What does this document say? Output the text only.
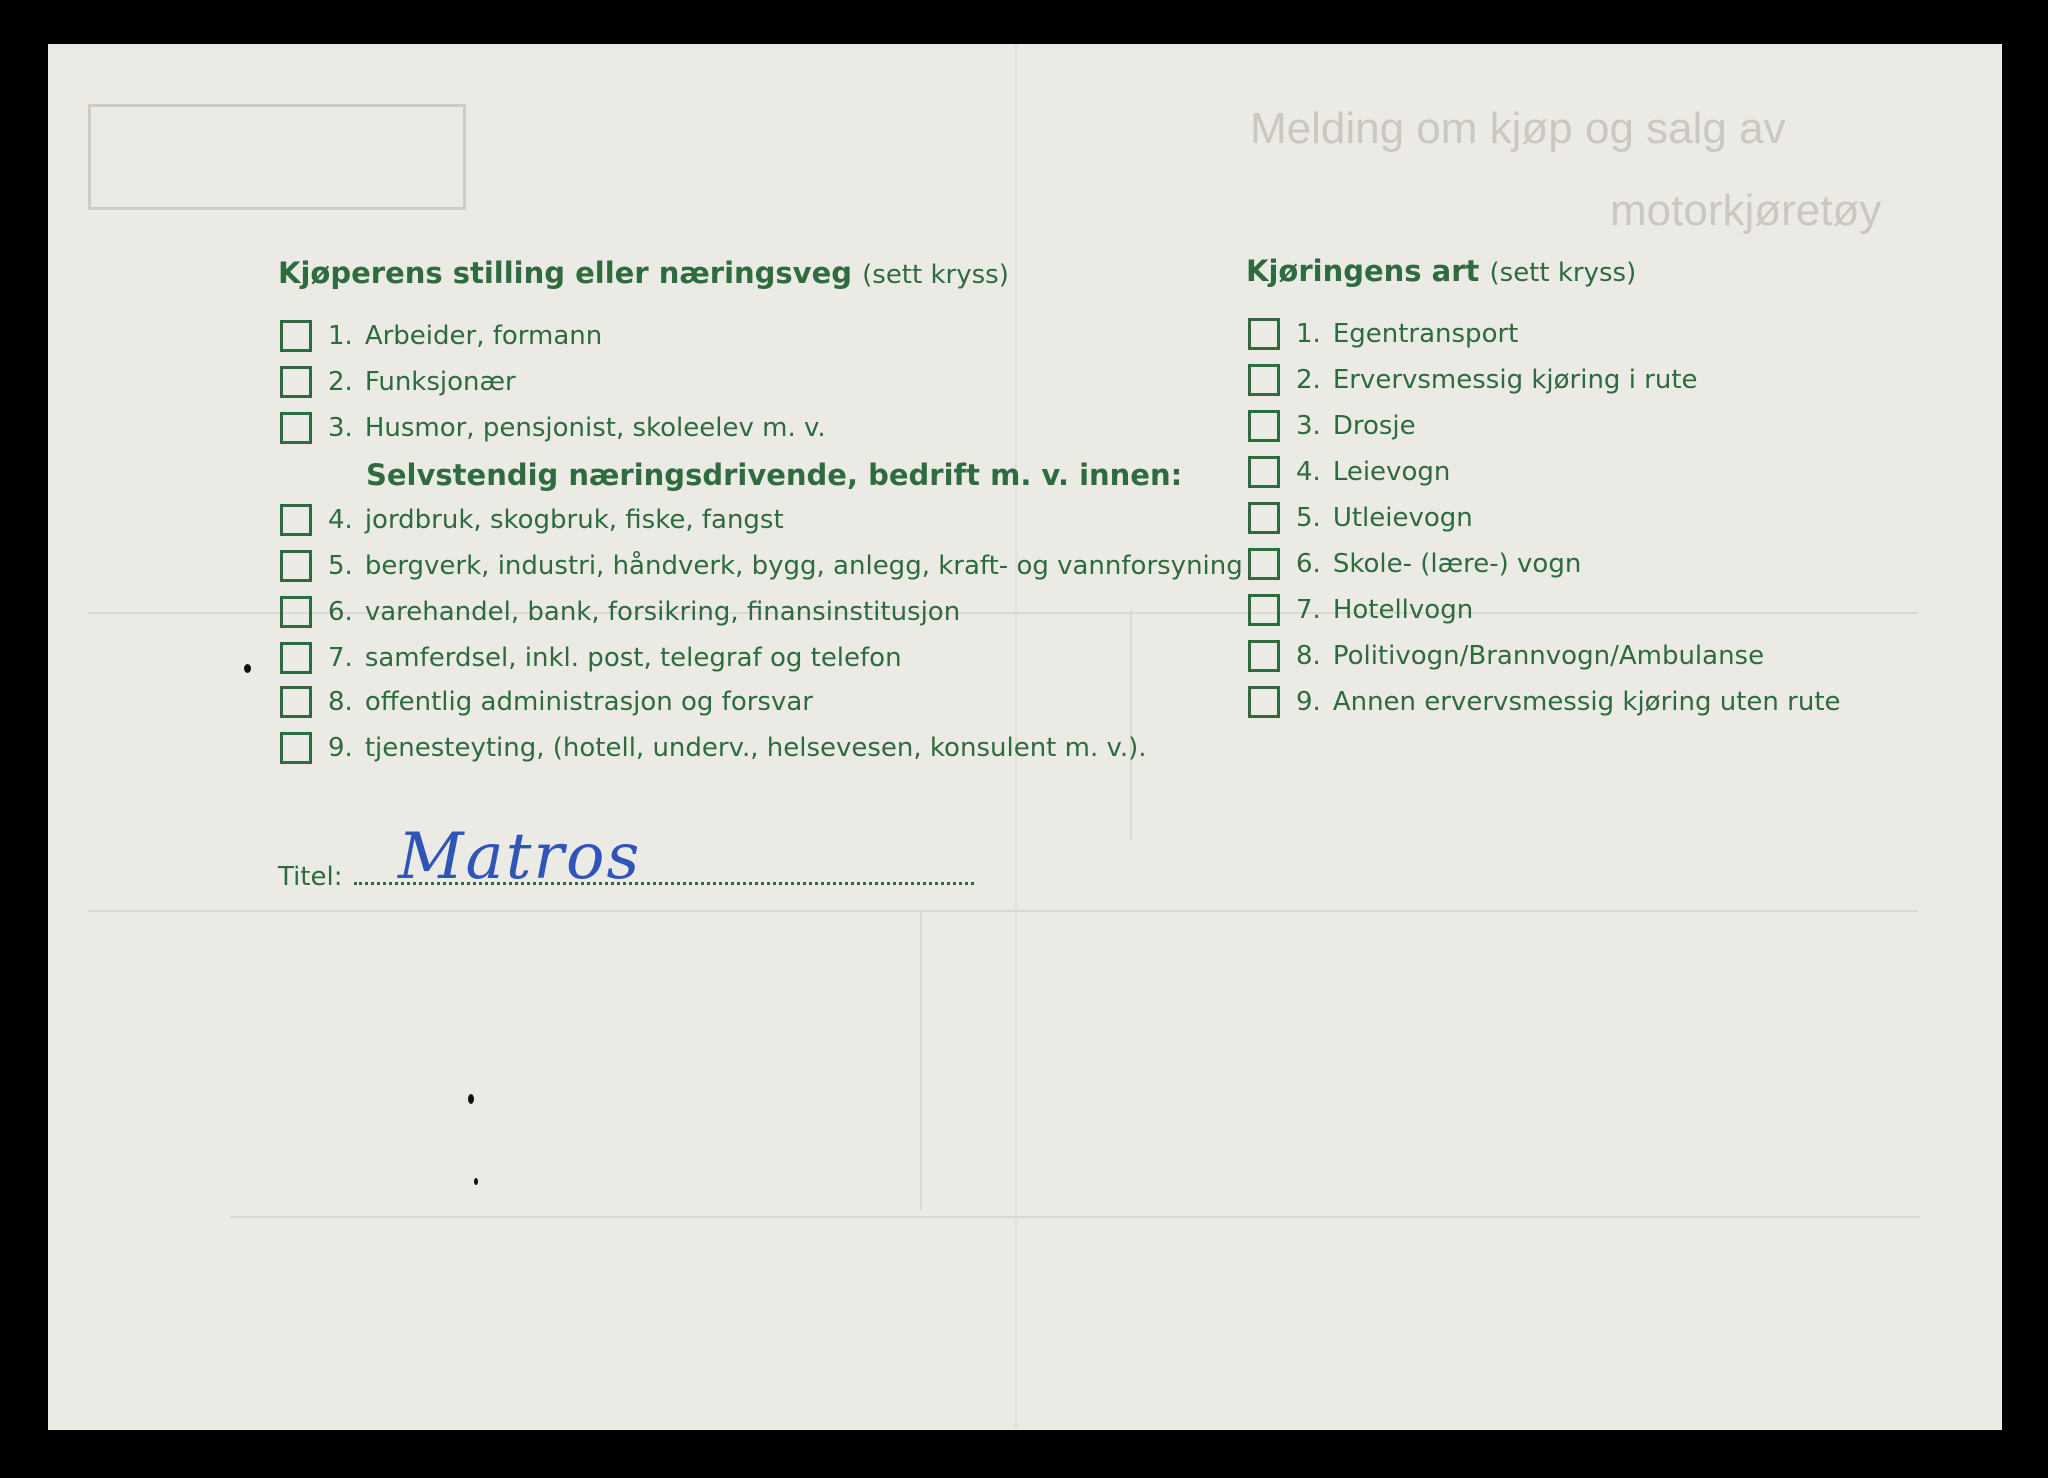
Melding om kjøp og salg av
motorkjøretøy
Kjøperens stilling eller næringsveg (sett kryss)
1. Arbeider, formann
2. Funksjonær
3. Husmor, pensjonist, skoleelev m. v.
Selvstendig næringsdrivende, bedrift m. v. innen:
4. jordbruk, skogbruk, fiske, fangst
5. bergverk, industri, håndverk, bygg, anlegg, kraft- og vannforsyning
6. varehandel, bank, forsikring, finansinstitusjon
7. samferdsel, inkl. post, telegraf og telefon
8. offentlig administrasjon og forsvar
9. tjenesteyting, (hotell, underv., helsevesen, konsulent m. v.).
Titel: Matros
Kjøringens art (sett kryss)
1. Egentransport
2. Ervervsmessig kjøring i rute
3. Drosje
4. Leievogn
5. Utleievogn
6. Skole- (lære-) vogn
7. Hotellvogn
8. Politivogn/Brannvogn/Ambulanse
9. Annen ervervsmessig kjøring uten rute
